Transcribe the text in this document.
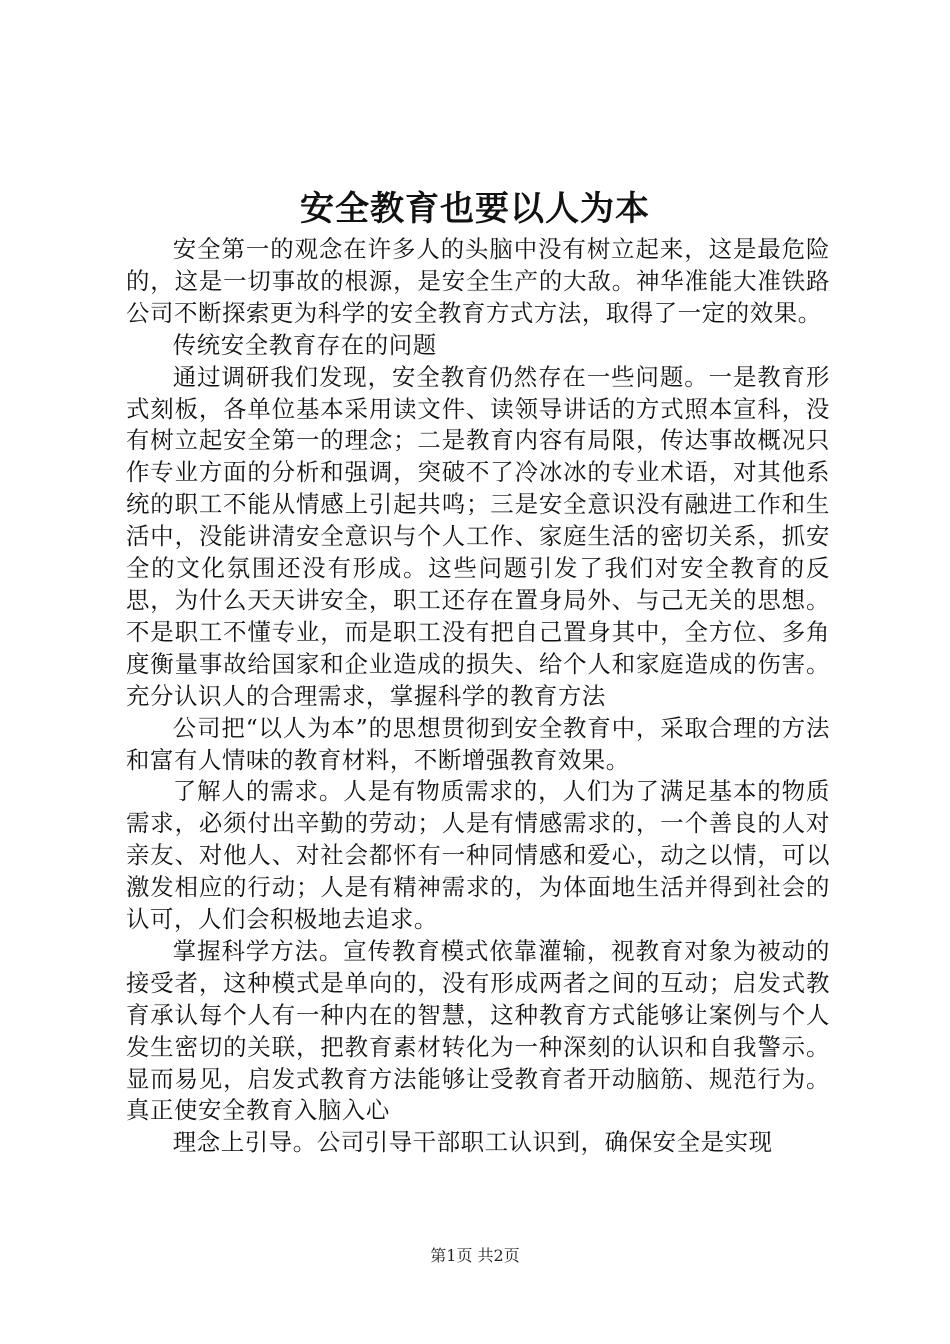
安全教育也要以人为本

安全第一的观念在许多人的头脑中没有树立起来，这是最危险的，这是一切事故的根源，是安全生产的大敌。神华准能大准铁路公司不断探索更为科学的安全教育方式方法，取得了一定的效果。

传统安全教育存在的问题

通过调研我们发现，安全教育仍然存在一些问题。一是教育形式刻板，各单位基本采用读文件、读领导讲话的方式照本宣科，没有树立起安全第一的理念；二是教育内容有局限，传达事故概况只作专业方面的分析和强调，突破不了冷冰冰的专业术语，对其他系统的职工不能从情感上引起共鸣；三是安全意识没有融进工作和生活中，没能讲清安全意识与个人工作、家庭生活的密切关系，抓安全的文化氛围还没有形成。这些问题引发了我们对安全教育的反思，为什么天天讲安全，职工还存在置身局外、与己无关的思想。不是职工不懂专业，而是职工没有把自己置身其中，全方位、多角度衡量事故给国家和企业造成的损失、给个人和家庭造成的伤害。充分认识人的合理需求，掌握科学的教育方法

公司把“以人为本”的思想贯彻到安全教育中，采取合理的方法和富有人情味的教育材料，不断增强教育效果。

了解人的需求。人是有物质需求的，人们为了满足基本的物质需求，必须付出辛勤的劳动；人是有情感需求的，一个善良的人对亲友、对他人、对社会都怀有一种同情感和爱心，动之以情，可以激发相应的行动；人是有精神需求的，为体面地生活并得到社会的认可，人们会积极地去追求。

掌握科学方法。宣传教育模式依靠灌输，视教育对象为被动的接受者，这种模式是单向的，没有形成两者之间的互动；启发式教育承认每个人有一种内在的智慧，这种教育方式能够让案例与个人发生密切的关联，把教育素材转化为一种深刻的认识和自我警示。显而易见，启发式教育方法能够让受教育者开动脑筋、规范行为。真正使安全教育入脑入心

理念上引导。公司引导干部职工认识到，确保安全是实现

第1页 共2页
